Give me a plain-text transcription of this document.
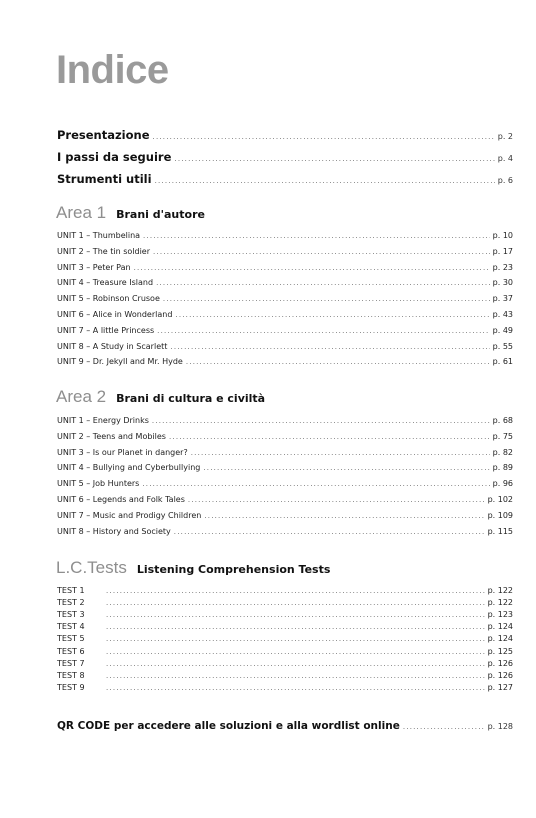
Indice
Presentazione .....	p. 2
I passi da seguire .....	p. 4
Strumenti utili .....	p. 6
Area 1 Brani d'autore
UNIT 1 – Thumbelina .....	p. 10
UNIT 2 – The tin soldier .....	p. 17
UNIT 3 – Peter Pan .....	p. 23
UNIT 4 – Treasure Island .....	p. 30
UNIT 5 – Robinson Crusoe .....	p. 37
UNIT 6 – Alice in Wonderland .....	p. 43
UNIT 7 – A little Princess .....	p. 49
UNIT 8 – A Study in Scarlett .....	p. 55
UNIT 9 – Dr. Jekyll and Mr. Hyde .....	p. 61
Area 2 Brani di cultura e civiltà
UNIT 1 – Energy Drinks .....	p. 68
UNIT 2 – Teens and Mobiles .....	p. 75
UNIT 3 – Is our Planet in danger? .....	p. 82
UNIT 4 – Bullying and Cyberbullying .....	p. 89
UNIT 5 – Job Hunters .....	p. 96
UNIT 6 – Legends and Folk Tales .....	p. 102
UNIT 7 – Music and Prodigy Children .....	p. 109
UNIT 8 – History and Society .....	p. 115
L.C.Tests Listening Comprehension Tests
TEST 1 .....	p. 122
TEST 2 .....	p. 122
TEST 3 .....	p. 123
TEST 4 .....	p. 124
TEST 5 .....	p. 124
TEST 6 .....	p. 125
TEST 7 .....	p. 126
TEST 8 .....	p. 126
TEST 9 .....	p. 127
QR CODE per accedere alle soluzioni e alla wordlist online .....	p. 128
